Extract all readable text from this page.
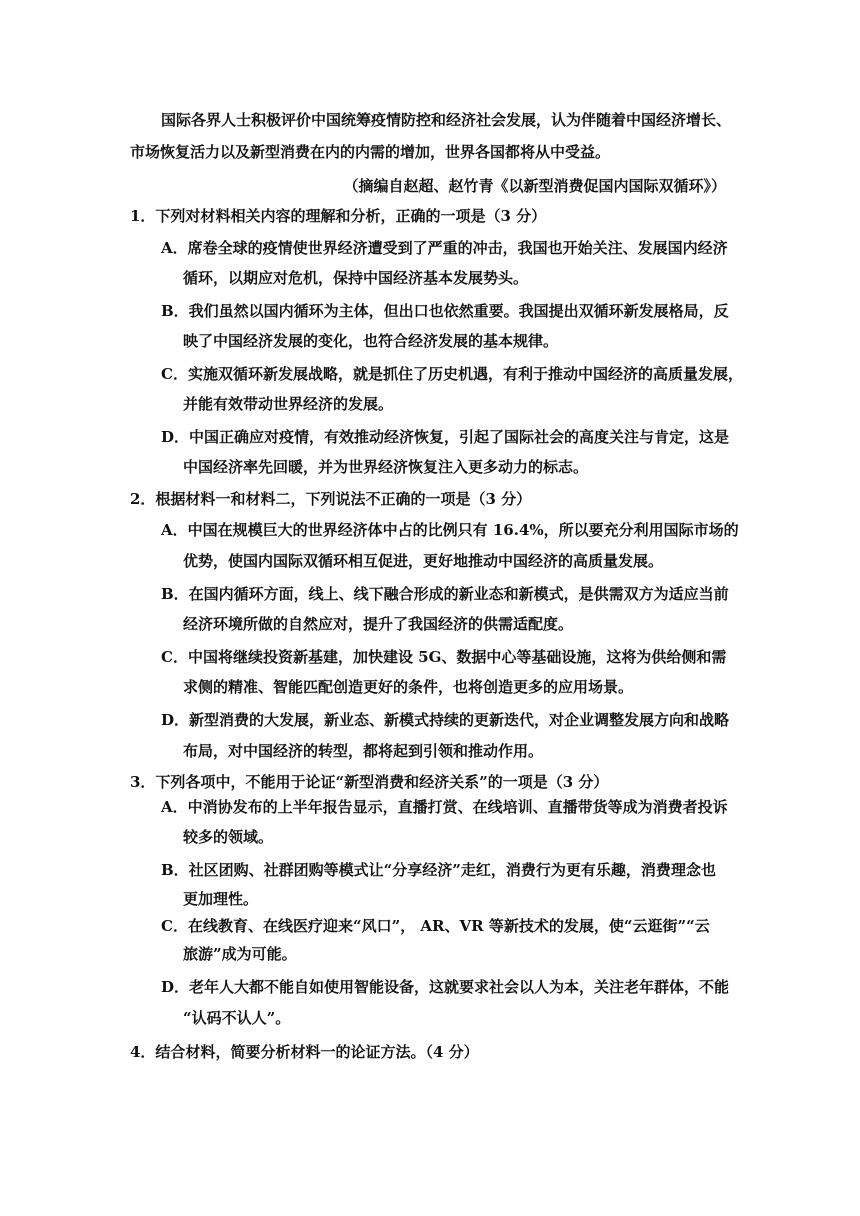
国际各界人士积极评价中国统筹疫情防控和经济社会发展，认为伴随着中国经济增长、
市场恢复活力以及新型消费在内的内需的增加，世界各国都将从中受益。
（摘编自赵超、赵竹青《以新型消费促国内国际双循环》）
1．下列对材料相关内容的理解和分析，正确的一项是（3 分）
A．席卷全球的疫情使世界经济遭受到了严重的冲击，我国也开始关注、发展国内经济
循环，以期应对危机，保持中国经济基本发展势头。
B．我们虽然以国内循环为主体，但出口也依然重要。我国提出双循环新发展格局，反
映了中国经济发展的变化，也符合经济发展的基本规律。
C．实施双循环新发展战略，就是抓住了历史机遇，有利于推动中国经济的高质量发展，
并能有效带动世界经济的发展。
D．中国正确应对疫情，有效推动经济恢复，引起了国际社会的高度关注与肯定，这是
中国经济率先回暖，并为世界经济恢复注入更多动力的标志。
2．根据材料一和材料二，下列说法不正确的一项是（3 分）
A．中国在规模巨大的世界经济体中占的比例只有 16.4%，所以要充分利用国际市场的
优势，使国内国际双循环相互促进，更好地推动中国经济的高质量发展。
B．在国内循环方面，线上、线下融合形成的新业态和新模式，是供需双方为适应当前
经济环境所做的自然应对，提升了我国经济的供需适配度。
C．中国将继续投资新基建，加快建设 5G、数据中心等基础设施，这将为供给侧和需
求侧的精准、智能匹配创造更好的条件，也将创造更多的应用场景。
D．新型消费的大发展，新业态、新模式持续的更新迭代，对企业调整发展方向和战略
布局，对中国经济的转型，都将起到引领和推动作用。
3．下列各项中，不能用于论证“新型消费和经济关系”的一项是（3 分）
A．中消协发布的上半年报告显示，直播打赏、在线培训、直播带货等成为消费者投诉
较多的领域。
B．社区团购、社群团购等模式让“分享经济”走红，消费行为更有乐趣，消费理念也
更加理性。
C．在线教育、在线医疗迎来“风口”， AR、VR 等新技术的发展，使“云逛街”“云
旅游”成为可能。
D．老年人大都不能自如使用智能设备，这就要求社会以人为本，关注老年群体，不能
“认码不认人”。
4．结合材料，简要分析材料一的论证方法。（4 分）
